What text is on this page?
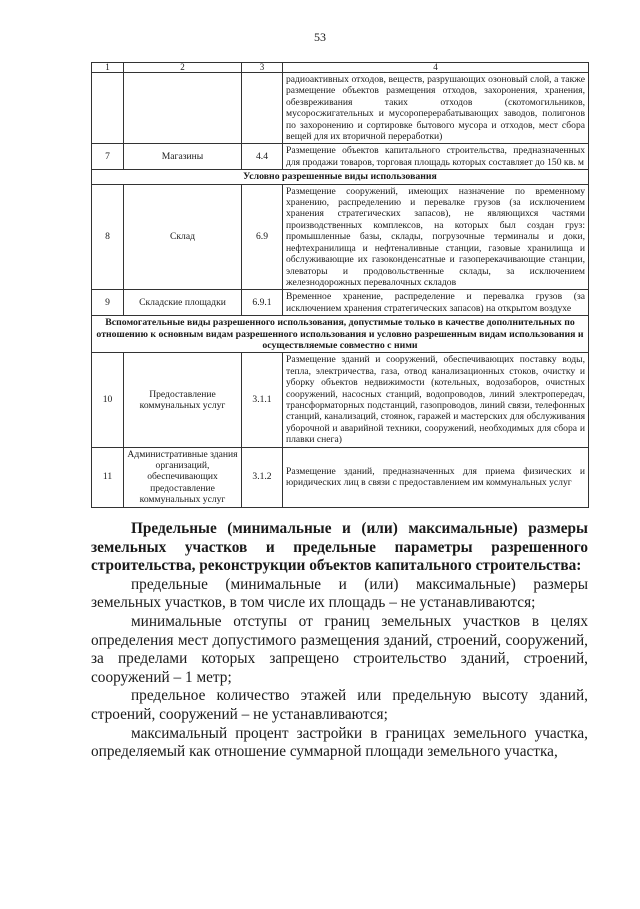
53
1	2	3	4
			радиоактивных отходов, веществ, разрушающих озоновый слой, а также размещение объектов размещения отходов, захоронения, хранения, обезвреживания таких отходов (скотомогильников, мусоросжигательных и мусороперерабатывающих заводов, полигонов по захоронению и сортировке бытового мусора и отходов, мест сбора вещей для их вторичной переработки)
7	Магазины	4.4	Размещение объектов капитального строительства, предназначенных для продажи товаров, торговая площадь которых составляет до 150 кв. м
Условно разрешенные виды использования			
8	Склад	6.9	Размещение сооружений, имеющих назначение по временному хранению, распределению и перевалке грузов (за исключением хранения стратегических запасов), не являющихся частями производственных комплексов, на которых был создан груз: промышленные базы, склады, погрузочные терминалы и доки, нефтехранилища и нефтеналивные станции, газовые хранилища и обслуживающие их газоконденсатные и газоперекачивающие станции, элеваторы и продовольственные склады, за исключением железнодорожных перевалочных складов
9	Складские площадки	6.9.1	Временное хранение, распределение и перевалка грузов (за исключением хранения стратегических запасов) на открытом воздухе
Вспомогательные виды разрешенного использования, допустимые только в качестве дополнительных по отношению к основным видам разрешенного использования и условно разрешенным видам использования и осуществляемые совместно с ними			
10	Предоставление коммунальных услуг	3.1.1	Размещение зданий и сооружений, обеспечивающих поставку воды, тепла, электричества, газа, отвод канализационных стоков, очистку и уборку объектов недвижимости (котельных, водозаборов, очистных сооружений, насосных станций, водопроводов, линий электропередач, трансформаторных подстанций, газопроводов, линий связи, телефонных станций, канализаций, стоянок, гаражей и мастерских для обслуживания уборочной и аварийной техники, сооружений, необходимых для сбора и плавки снега)
11	Административные здания организаций, обеспечивающих предоставление коммунальных услуг	3.1.2	Размещение зданий, предназначенных для приема физических и юридических лиц в связи с предоставлением им коммунальных услуг

Предельные (минимальные и (или) максимальные) размеры земельных участков и предельные параметры разрешенного строительства, реконструкции объектов капитального строительства:

предельные (минимальные и (или) максимальные) размеры земельных участков, в том числе их площадь – не устанавливаются;

минимальные отступы от границ земельных участков в целях определения мест допустимого размещения зданий, строений, сооружений, за пределами которых запрещено строительство зданий, строений, сооружений – 1 метр;

предельное количество этажей или предельную высоту зданий, строений, сооружений – не устанавливаются;

максимальный процент застройки в границах земельного участка, определяемый как отношение суммарной площади земельного участка,
